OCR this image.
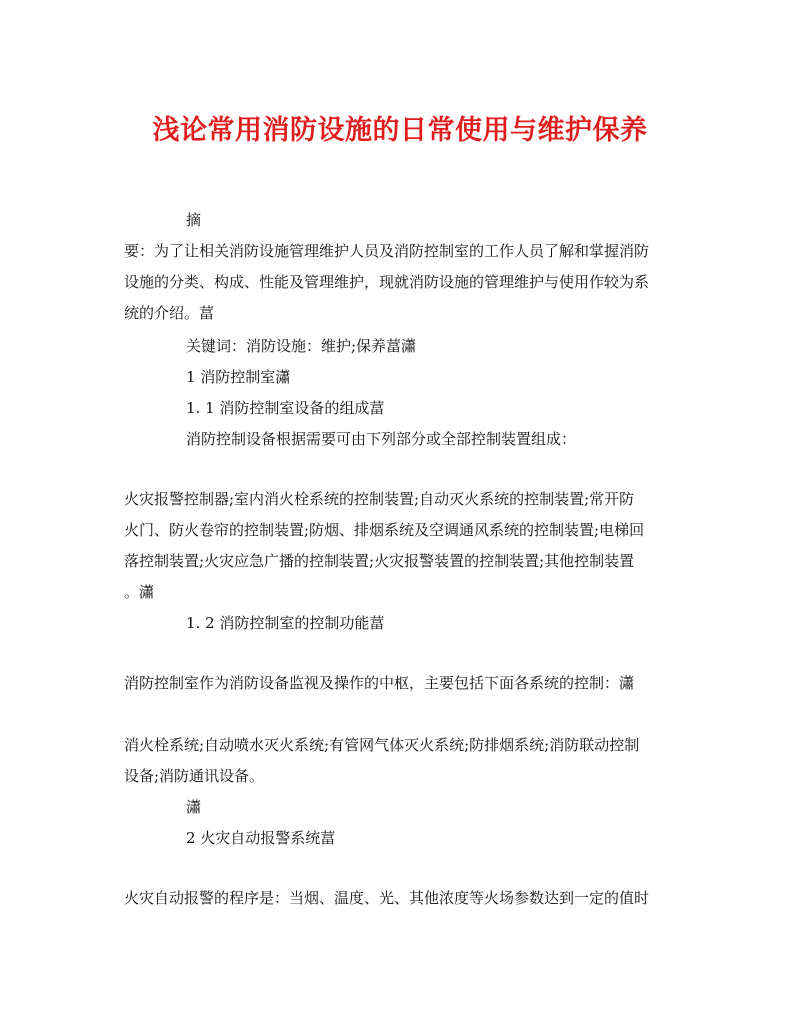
浅论常用消防设施的日常使用与维护保养

摘

要：为了让相关消防设施管理维护人员及消防控制室的工作人员了解和掌握消防

设施的分类、构成、性能及管理维护，现就消防设施的管理维护与使用作较为系

统的介绍。葍

关键词：消防设施：维护;保养葍瀟

1 消防控制室瀟

1. 1 消防控制室设备的组成葍

消防控制设备根据需要可由下列部分或全部控制装置组成：

火灾报警控制器;室内消火栓系统的控制装置;自动灭火系统的控制装置;常开防

火门、防火卷帘的控制装置;防烟、排烟系统及空调通风系统的控制装置;电梯回

落控制装置;火灾应急广播的控制装置;火灾报警装置的控制装置;其他控制装置

。瀟

1. 2 消防控制室的控制功能葍

消防控制室作为消防设备监视及操作的中枢，主要包括下面各系统的控制：瀟

消火栓系统;自动喷水灭火系统;有管网气体灭火系统;防排烟系统;消防联动控制

设备;消防通讯设备。

瀟

2 火灾自动报警系统葍

火灾自动报警的程序是：当烟、温度、光、其他浓度等火场参数达到一定的值时
